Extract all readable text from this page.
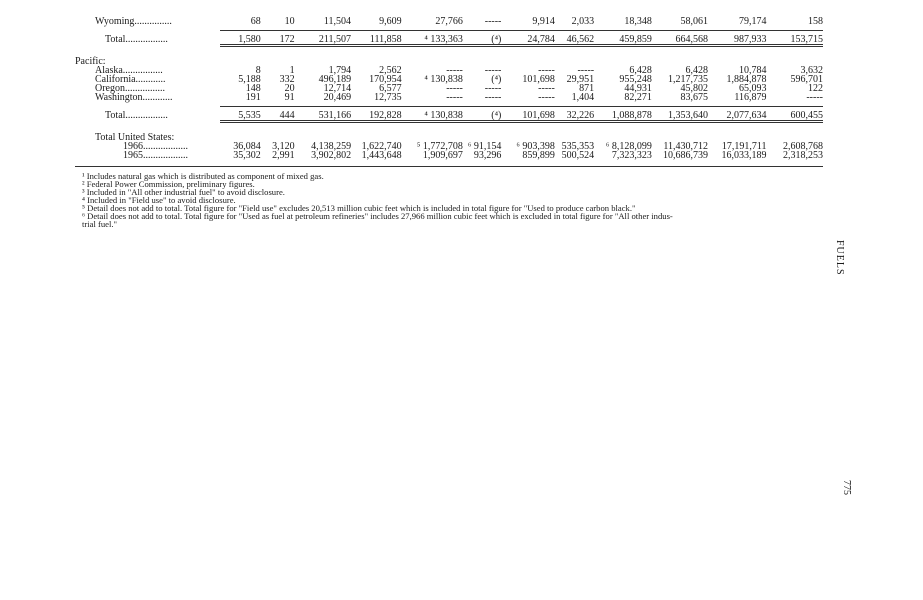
Wyoming...............	68	10	11,504	9,609	27,766	-----	9,914	2,033	18,348	58,061	79,174	158

Total.................	1,580	172	211,507	111,858	⁴ 133,363	(⁴)	24,784	46,562	459,859	664,568	987,933	153,715

Pacific:												
Alaska................	8	1	1,794	2,562	-----	-----	-----	-----	6,428	6,428	10,784	3,632
California............	5,188	332	496,189	170,954	⁴ 130,838	(⁴)	101,698	29,951	955,248	1,217,735	1,884,878	596,701
Oregon................	148	20	12,714	6,577	-----	-----	-----	871	44,931	45,802	65,093	122
Washington............	191	91	20,469	12,735	-----	-----	-----	1,404	82,271	83,675	116,879	-----

Total.................	5,535	444	531,166	192,828	⁴ 130,838	(⁴)	101,698	32,226	1,088,878	1,353,640	2,077,634	600,455

Total United States:												
1966..................	36,084	3,120	4,138,259	1,622,740	⁵ 1,772,708	⁶ 91,154	⁶ 903,398	535,353	⁶ 8,128,099	11,430,712	17,191,711	2,608,768
1965..................	35,302	2,991	3,902,802	1,443,648	1,909,697	93,296	859,899	500,524	7,323,323	10,686,739	16,033,189	2,318,253

¹ Includes natural gas which is distributed as component of mixed gas.
² Federal Power Commission, preliminary figures.
³ Included in "All other industrial fuel" to avoid disclosure.
⁴ Included in "Field use" to avoid disclosure.
⁵ Detail does not add to total. Total figure for "Field use" excludes 20,513 million cubic feet which is included in total figure for "Used to produce carbon black."
⁶ Detail does not add to total. Total figure for "Used as fuel at petroleum refineries" includes 27,966 million cubic feet which is excluded in total figure for "All other indus-
trial fuel."
FUELS
775
